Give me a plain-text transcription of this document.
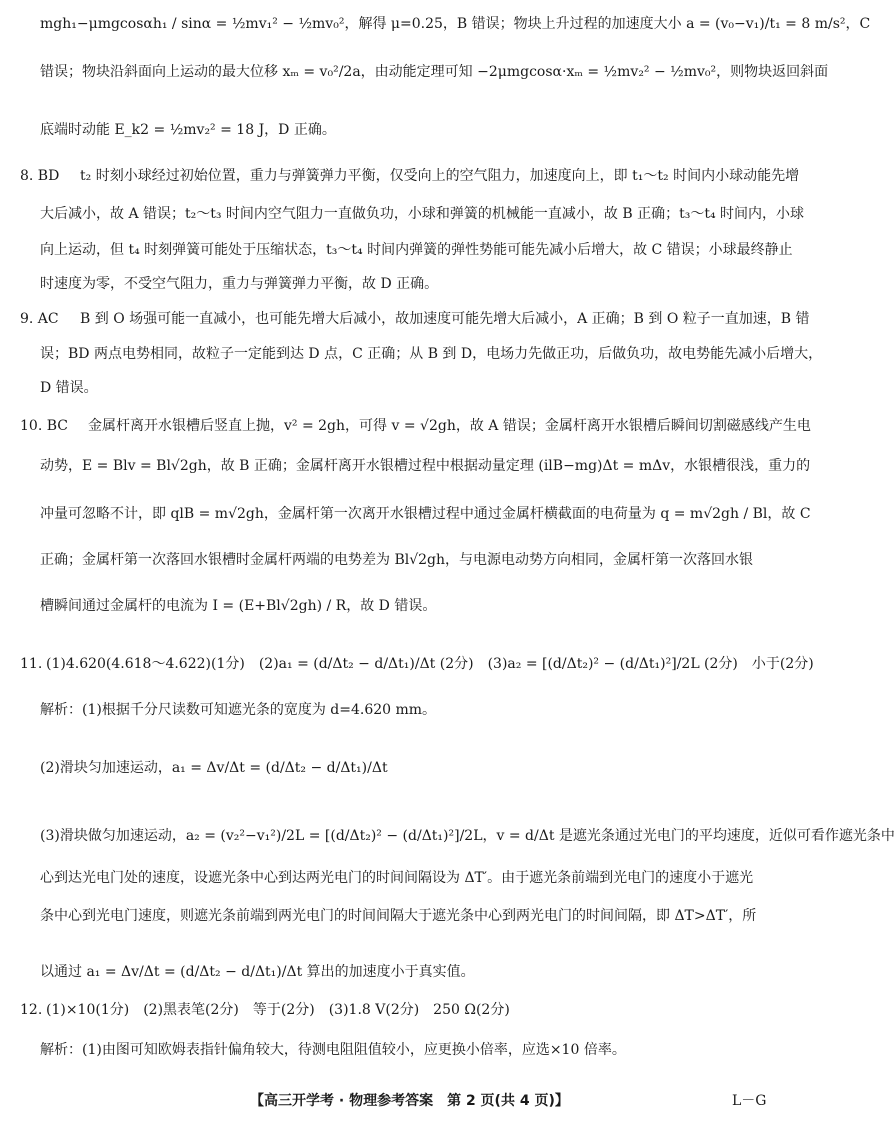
mgh₁−μmgcosαh₁ / sinα = ½mv₁² − ½mv₀²，解得 μ=0.25，B 错误；物块上升过程的加速度大小 a = (v₀−v₁)/t₁ = 8 m/s²，C
错误；物块沿斜面向上运动的最大位移 xₘ = v₀²/2a，由动能定理可知 −2μmgcosα·xₘ = ½mv₂² − ½mv₀²，则物块返回斜面
底端时动能 E_k2 = ½mv₂² = 18 J，D 正确。
8. BD t₂ 时刻小球经过初始位置，重力与弹簧弹力平衡，仅受向上的空气阻力，加速度向上，即 t₁～t₂ 时间内小球动能先增
大后减小，故 A 错误；t₂～t₃ 时间内空气阻力一直做负功，小球和弹簧的机械能一直减小，故 B 正确；t₃～t₄ 时间内，小球
向上运动，但 t₄ 时刻弹簧可能处于压缩状态，t₃～t₄ 时间内弹簧的弹性势能可能先减小后增大，故 C 错误；小球最终静止
时速度为零，不受空气阻力，重力与弹簧弹力平衡，故 D 正确。
9. AC B 到 O 场强可能一直减小，也可能先增大后减小，故加速度可能先增大后减小，A 正确；B 到 O 粒子一直加速，B 错
误；BD 两点电势相同，故粒子一定能到达 D 点，C 正确；从 B 到 D，电场力先做正功，后做负功，故电势能先减小后增大，
D 错误。
10. BC 金属杆离开水银槽后竖直上抛，v² = 2gh，可得 v = √2gh，故 A 错误；金属杆离开水银槽后瞬间切割磁感线产生电
动势，E = Blv = Bl√2gh，故 B 正确；金属杆离开水银槽过程中根据动量定理 (ilB−mg)Δt = mΔv，水银槽很浅，重力的
冲量可忽略不计，即 qlB = m√2gh，金属杆第一次离开水银槽过程中通过金属杆横截面的电荷量为 q = m√2gh / Bl，故 C
正确；金属杆第一次落回水银槽时金属杆两端的电势差为 Bl√2gh，与电源电动势方向相同，金属杆第一次落回水银
槽瞬间通过金属杆的电流为 I = (E+Bl√2gh) / R，故 D 错误。
11. (1)4.620(4.618～4.622)(1分)　(2)a₁ = (d/Δt₂ − d/Δt₁)/Δt (2分)　(3)a₂ = [(d/Δt₂)² − (d/Δt₁)²]/2L (2分)　小于(2分)
解析：(1)根据千分尺读数可知遮光条的宽度为 d=4.620 mm。
(2)滑块匀加速运动，a₁ = Δv/Δt = (d/Δt₂ − d/Δt₁)/Δt
(3)滑块做匀加速运动，a₂ = (v₂²−v₁²)/2L = [(d/Δt₂)² − (d/Δt₁)²]/2L，v = d/Δt 是遮光条通过光电门的平均速度，近似可看作遮光条中
心到达光电门处的速度，设遮光条中心到达两光电门的时间间隔设为 ΔT′。由于遮光条前端到光电门的速度小于遮光
条中心到光电门速度，则遮光条前端到两光电门的时间间隔大于遮光条中心到两光电门的时间间隔，即 ΔT>ΔT′，所
以通过 a₁ = Δv/Δt = (d/Δt₂ − d/Δt₁)/Δt 算出的加速度小于真实值。
12. (1)×10(1分)　(2)黑表笔(2分)　等于(2分)　(3)1.8 V(2分)　250 Ω(2分)
解析：(1)由图可知欧姆表指针偏角较大，待测电阻阻值较小，应更换小倍率，应选×10 倍率。
【高三开学考 · 物理参考答案　第 2 页(共 4 页)】	L－G
